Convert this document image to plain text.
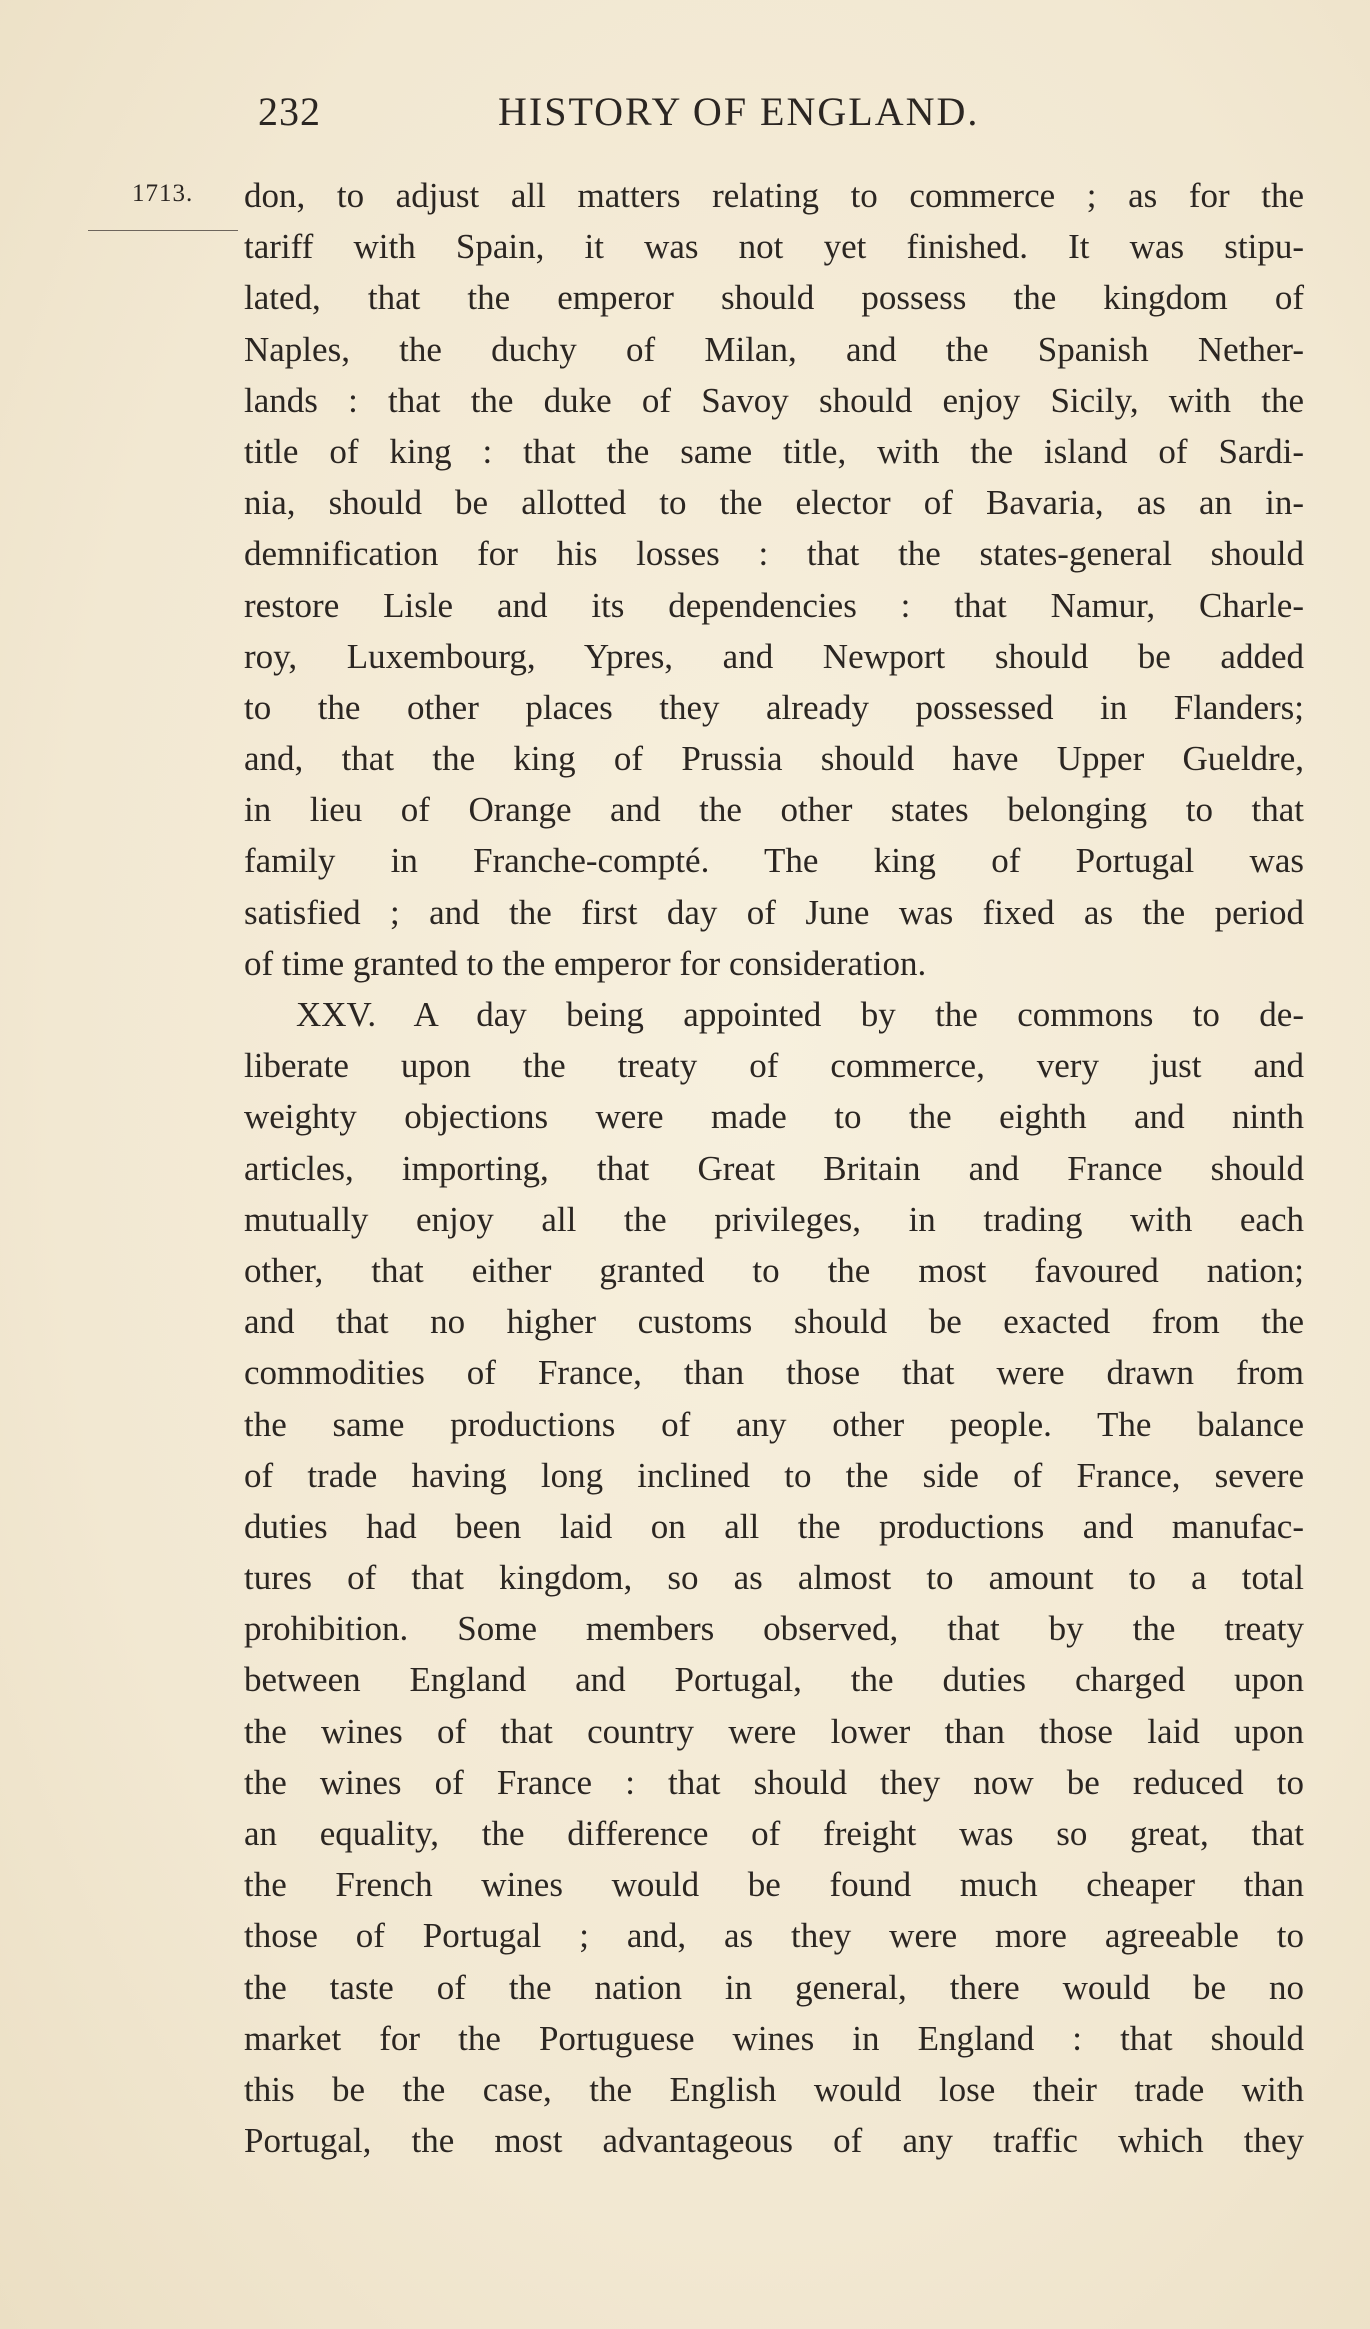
232	HISTORY OF ENGLAND.
1713. don, to adjust all matters relating to commerce ; as for the
tariff with Spain, it was not yet finished. It was stipu-
lated, that the emperor should possess the kingdom of
Naples, the duchy of Milan, and the Spanish Nether-
lands : that the duke of Savoy should enjoy Sicily, with the
title of king : that the same title, with the island of Sardi-
nia, should be allotted to the elector of Bavaria, as an in-
demnification for his losses : that the states-general should
restore Lisle and its dependencies : that Namur, Charle-
roy, Luxembourg, Ypres, and Newport should be added
to the other places they already possessed in Flanders;
and, that the king of Prussia should have Upper Gueldre,
in lieu of Orange and the other states belonging to that
family in Franche-compté. The king of Portugal was
satisfied ; and the first day of June was fixed as the period
of time granted to the emperor for consideration.
XXV. A day being appointed by the commons to de-
liberate upon the treaty of commerce, very just and
weighty objections were made to the eighth and ninth
articles, importing, that Great Britain and France should
mutually enjoy all the privileges, in trading with each
other, that either granted to the most favoured nation;
and that no higher customs should be exacted from the
commodities of France, than those that were drawn from
the same productions of any other people. The balance
of trade having long inclined to the side of France, severe
duties had been laid on all the productions and manufac-
tures of that kingdom, so as almost to amount to a total
prohibition. Some members observed, that by the treaty
between England and Portugal, the duties charged upon
the wines of that country were lower than those laid upon
the wines of France : that should they now be reduced to
an equality, the difference of freight was so great, that
the French wines would be found much cheaper than
those of Portugal ; and, as they were more agreeable to
the taste of the nation in general, there would be no
market for the Portuguese wines in England : that should
this be the case, the English would lose their trade with
Portugal, the most advantageous of any traffic which they
